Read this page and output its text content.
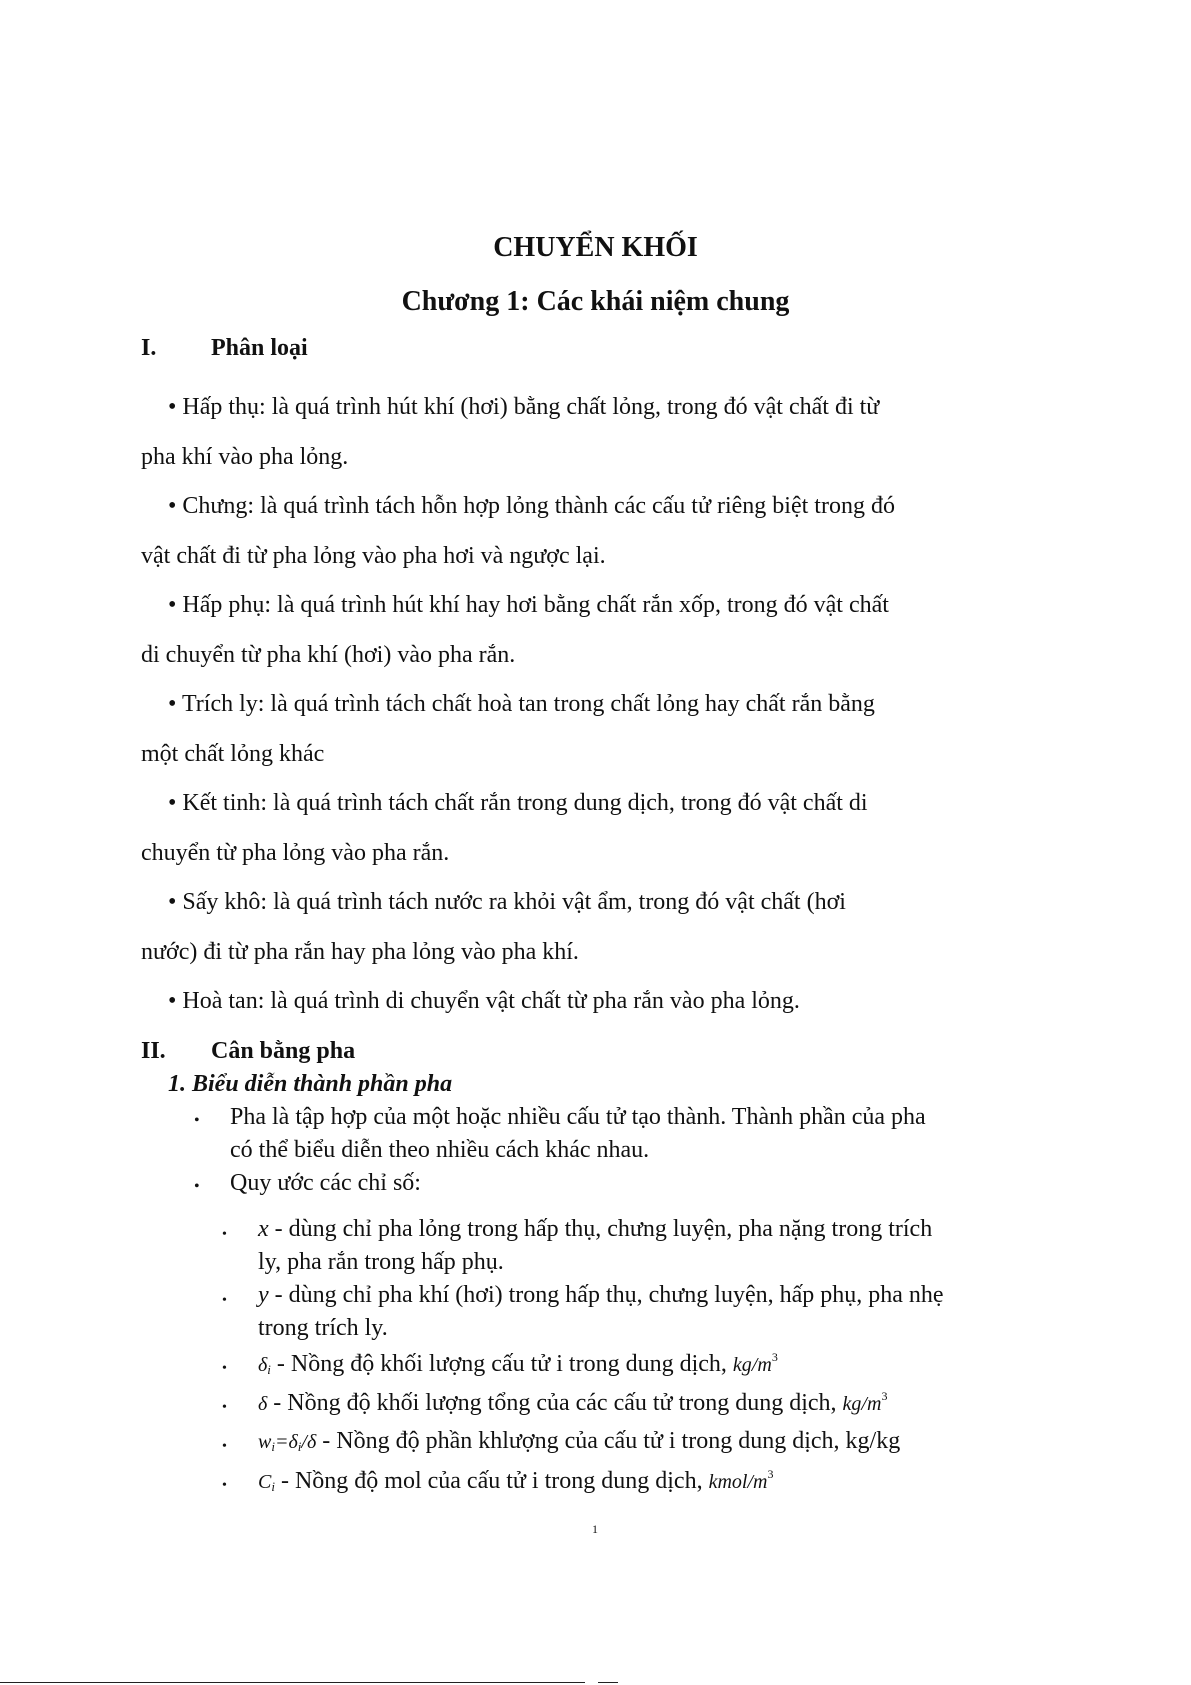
CHUYỂN KHỐI
Chương 1: Các khái niệm chung
I. Phân loại
• Hấp thụ: là quá trình hút khí (hơi) bằng chất lỏng, trong đó vật chất đi từ
pha khí vào pha lỏng.
• Chưng: là quá trình tách hỗn hợp lỏng thành các cấu tử riêng biệt trong đó
vật chất đi từ pha lỏng vào pha hơi và ngược lại.
• Hấp phụ: là quá trình hút khí hay hơi bằng chất rắn xốp, trong đó vật chất
di chuyển từ pha khí (hơi) vào pha rắn.
• Trích ly: là quá trình tách chất hoà tan trong chất lỏng hay chất rắn bằng
một chất lỏng khác
• Kết tinh: là quá trình tách chất rắn trong dung dịch, trong đó vật chất di
chuyển từ pha lỏng vào pha rắn.
• Sấy khô: là quá trình tách nước ra khỏi vật ẩm, trong đó vật chất (hơi
nước) đi từ pha rắn hay pha lỏng vào pha khí.
• Hoà tan: là quá trình di chuyển vật chất từ pha rắn vào pha lỏng.
II. Cân bằng pha
1. Biểu diễn thành phần pha
• Pha là tập hợp của một hoặc nhiều cấu tử tạo thành. Thành phần của pha
có thể biểu diễn theo nhiều cách khác nhau.
• Quy ước các chỉ số:
• x - dùng chỉ pha lỏng trong hấp thụ, chưng luyện, pha nặng trong trích
ly, pha rắn trong hấp phụ.
• y - dùng chỉ pha khí (hơi) trong hấp thụ, chưng luyện, hấp phụ, pha nhẹ
trong trích ly.
• $\delta_i$ - Nồng độ khối lượng cấu tử i trong dung dịch, $kg/m^3$
• δ - Nồng độ khối lượng tổng của các cấu tử trong dung dịch, $kg/m^3$
• $w_i=\delta_i/\delta$ - Nồng độ phần khlượng của cấu tử i trong dung dịch, kg/kg
• $C_i$ - Nồng độ mol của cấu tử i trong dung dịch, kmol/$m^3$
1
